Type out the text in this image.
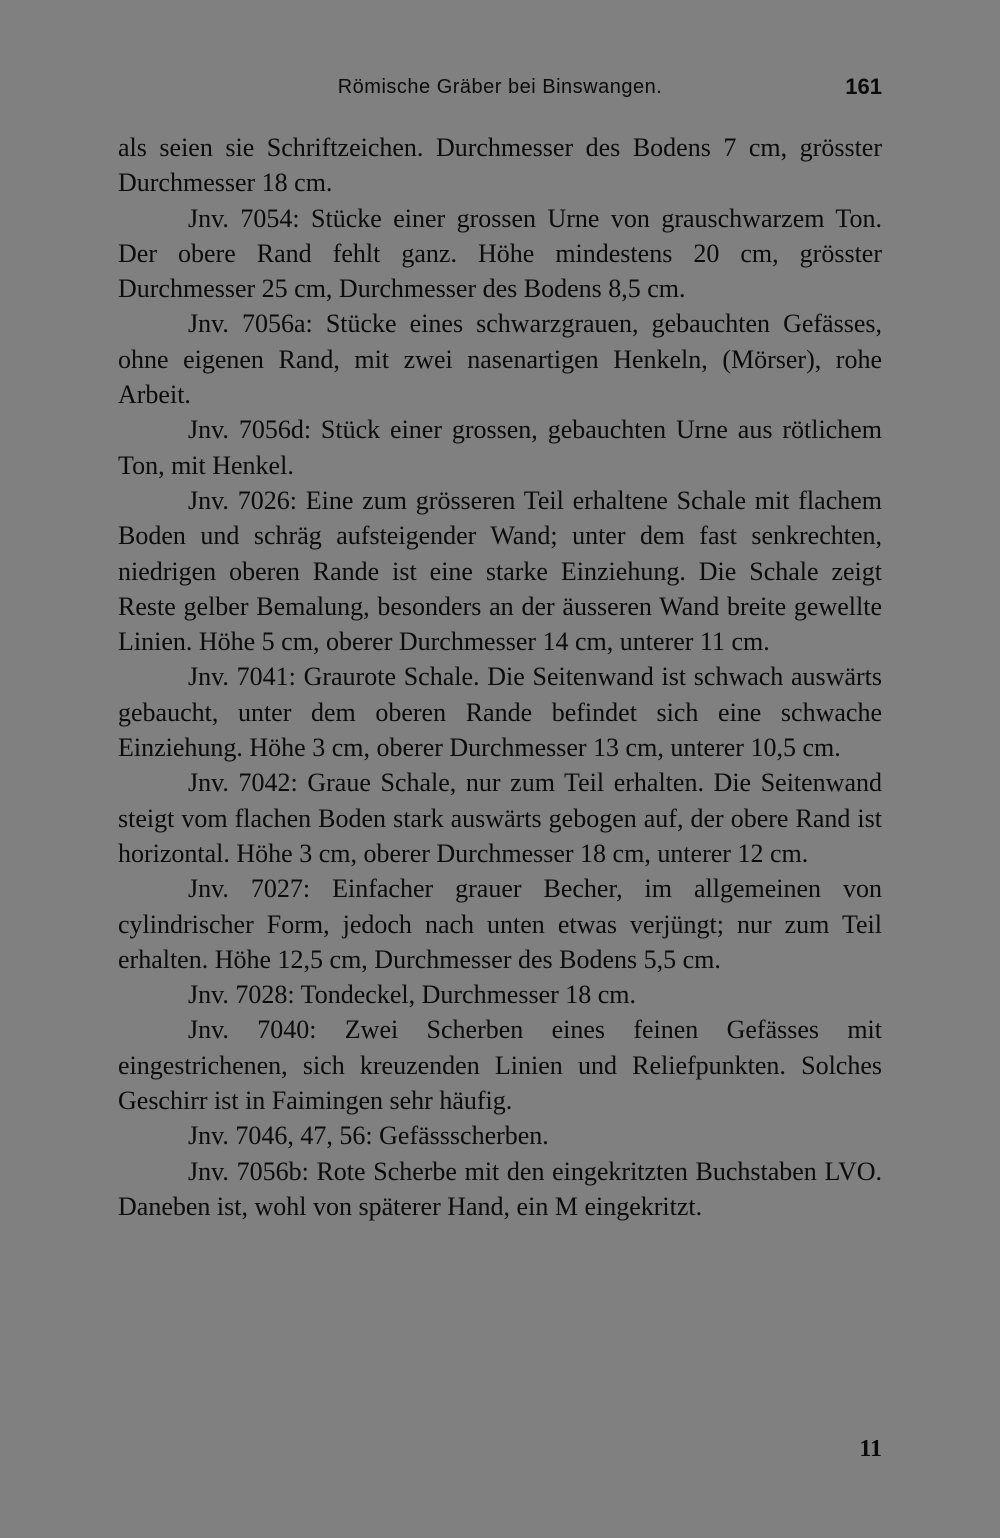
Römische Gräber bei Binswangen.	161

als seien sie Schriftzeichen. Durchmesser des Bodens 7 cm, grösster Durchmesser 18 cm.

Jnv. 7054: Stücke einer grossen Urne von grauschwarzem Ton. Der obere Rand fehlt ganz. Höhe mindestens 20 cm, grösster Durchmesser 25 cm, Durchmesser des Bodens 8,5 cm.

Jnv. 7056a: Stücke eines schwarzgrauen, gebauchten Gefässes, ohne eigenen Rand, mit zwei nasenartigen Henkeln, (Mörser), rohe Arbeit.

Jnv. 7056d: Stück einer grossen, gebauchten Urne aus rötlichem Ton, mit Henkel.

Jnv. 7026: Eine zum grösseren Teil erhaltene Schale mit flachem Boden und schräg aufsteigender Wand; unter dem fast senkrechten, niedrigen oberen Rande ist eine starke Einziehung. Die Schale zeigt Reste gelber Bemalung, besonders an der äusseren Wand breite gewellte Linien. Höhe 5 cm, oberer Durchmesser 14 cm, unterer 11 cm.

Jnv. 7041: Graurote Schale. Die Seitenwand ist schwach auswärts gebaucht, unter dem oberen Rande befindet sich eine schwache Einziehung. Höhe 3 cm, oberer Durchmesser 13 cm, unterer 10,5 cm.

Jnv. 7042: Graue Schale, nur zum Teil erhalten. Die Seitenwand steigt vom flachen Boden stark auswärts gebogen auf, der obere Rand ist horizontal. Höhe 3 cm, oberer Durchmesser 18 cm, unterer 12 cm.

Jnv. 7027: Einfacher grauer Becher, im allgemeinen von cylindrischer Form, jedoch nach unten etwas verjüngt; nur zum Teil erhalten. Höhe 12,5 cm, Durchmesser des Bodens 5,5 cm.

Jnv. 7028: Tondeckel, Durchmesser 18 cm.

Jnv. 7040: Zwei Scherben eines feinen Gefässes mit eingestrichenen, sich kreuzenden Linien und Reliefpunkten. Solches Geschirr ist in Faimingen sehr häufig.

Jnv. 7046, 47, 56: Gefässscherben.

Jnv. 7056b: Rote Scherbe mit den eingekritzten Buchstaben LVO. Daneben ist, wohl von späterer Hand, ein M eingekritzt.

11
